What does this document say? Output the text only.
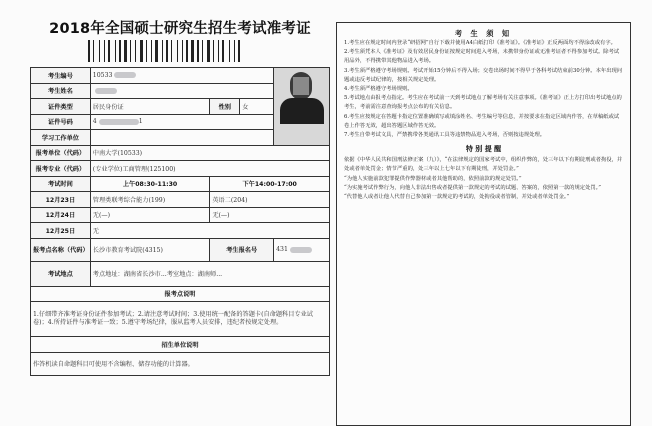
2018年全国硕士研究生招生考试准考证
考生编号	10533			

考生姓名				
证件类型	居民身份证	性别	女	
证件号码	4 1			
学习工作单位				
报考单位（代码）	中南大学(10533)			
报考专业（代码）	(专业学位)工商管理(125100)			
考试时间	上午08:30-11:30	下午14:00-17:00		
12月23日	管理类联考综合能力(199)	英语二(204)		
12月24日	无(—)	无(—)		
12月25日	无			
报考点名称（代码）	长沙市教育考试院(4315)	考生报名号		431
考试地点	考点地址：湖南省长沙市...考室地点：湖南师...			
报考点说明				
1.仔细带齐准考证身份证件参加考试；2.请注意考试时间；3.使用统一配备的答题卡(自命题科目专业试卷)；4.所持证件与准考证一致；5.遵守考场纪律，服从监考人员安排，违纪者按规定处理。				
招生单位说明				
作答机读自命题科目可使用不含编程、储存功能的计算器。				
考 生 须 知

1.考生应在规定时间内登录“研招网”自行下载并使用A4白纸打印《准考证》。《准考证》正反两面均不得涂改或有字。

2.考生须凭本人《准考证》及有效居民身份证按规定时间进入考场，未携带身份证或无准考证者不得参加考试。除考试用品外，不得携带其他物品进入考场。

3.考生须严格遵守考场规则。考试开始15分钟后不得入场；交卷出场时间不得早于各科考试结束前30分钟。本年出现问题或违反考试纪律的，按相关规定处理。

4.考生须严格遵守考场规则。

5.考试地点由报考点指定。考生应在考试前一天到考试地点了解考场有关注意事项。《准考证》正上方打印出考试地点的考生，考前需注意查询报考点公布的有关信息。

6.考生应按规定在答题卡指定位置准确填写或填涂姓名、考生编号等信息，并按要求在指定区域内作答，在草稿纸或试卷上作答无效，超出答题区域作答无效。

7.考生自带考试文具，严禁携带各类通讯工具等违禁物品进入考场，否则按违规处理。

特 别 提 醒

依据《中华人民共和国刑法修正案（九）》，“在法律规定的国家考试中，组织作弊的，处三年以下有期徒刑或者拘役，并处或者单处罚金；情节严重的，处三年以上七年以下有期徒刑，并处罚金。”

“为他人实施前款犯罪提供作弊器材或者其他帮助的，依照前款的规定处罚。”

“为实施考试作弊行为，向他人非法出售或者提供第一款规定的考试的试题、答案的，依照第一款的规定处罚。”

“代替他人或者让他人代替自己参加第一款规定的考试的，处拘役或者管制，并处或者单处罚金。”
